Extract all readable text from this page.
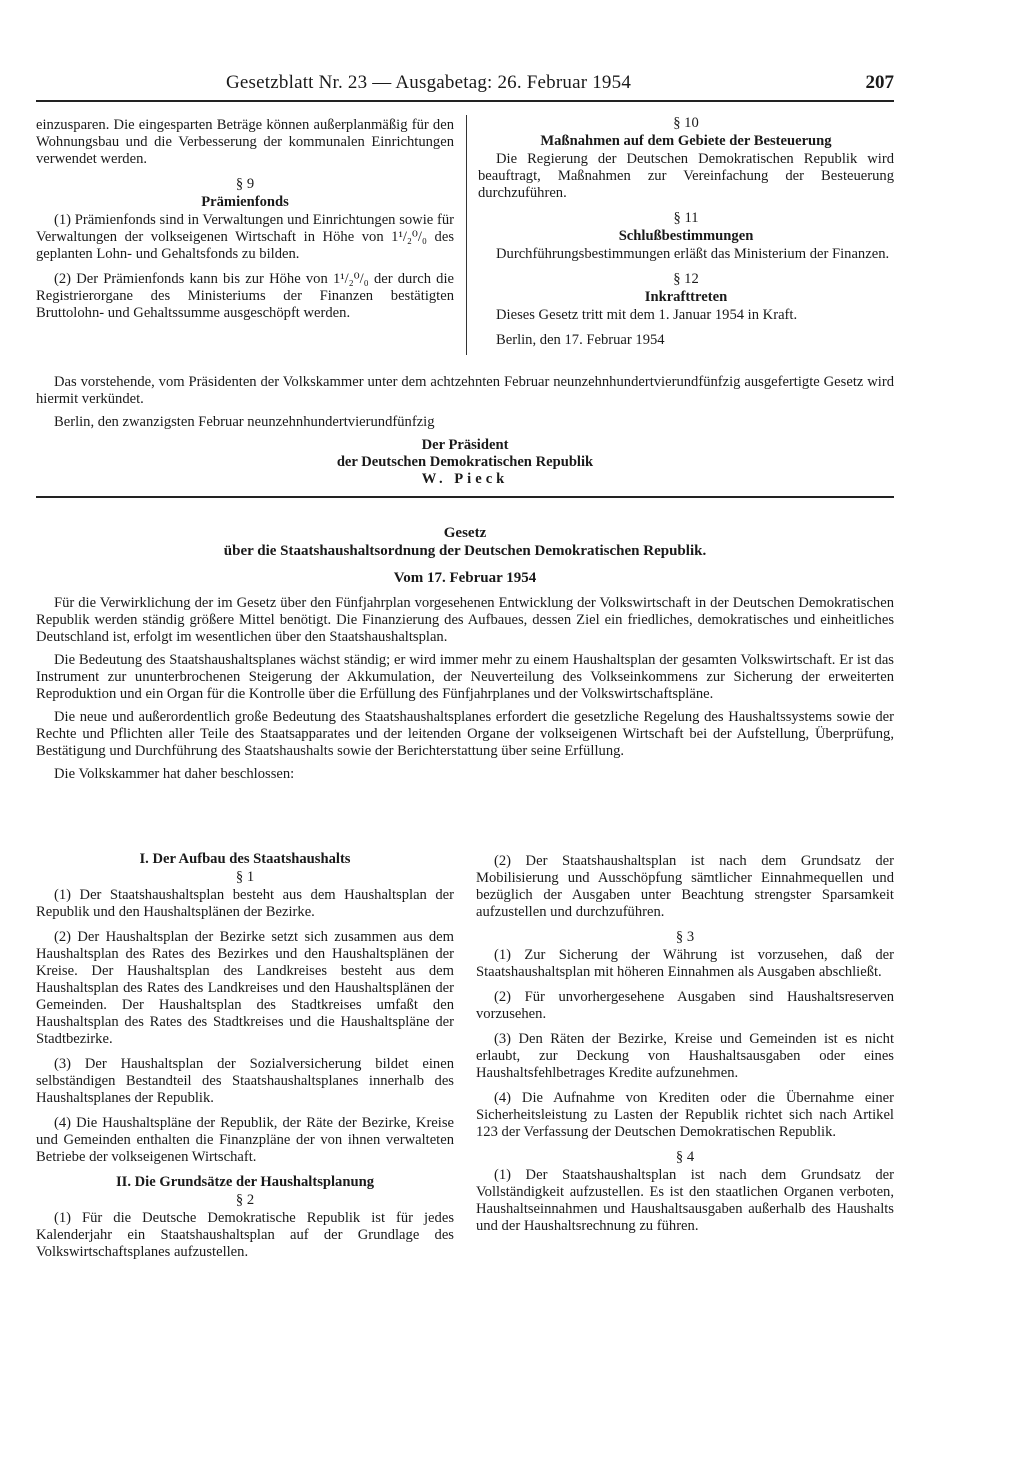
Gesetzblatt Nr. 23 — Ausgabetag: 26. Februar 1954	207

einzusparen. Die eingesparten Beträge können außerplanmäßig für den Wohnungsbau und die Verbesserung der kommunalen Einrichtungen verwendet werden.

§ 9
Prämienfonds

(1) Prämienfonds sind in Verwaltungen und Einrichtungen sowie für Verwaltungen der volkseigenen Wirtschaft in Höhe von 1¹/₂⁰/₀ des geplanten Lohn- und Gehaltsfonds zu bilden.

(2) Der Prämienfonds kann bis zur Höhe von 1¹/₂⁰/₀ der durch die Registrierorgane des Ministeriums der Finanzen bestätigten Bruttolohn- und Gehaltssumme ausgeschöpft werden.

§ 10
Maßnahmen auf dem Gebiete der Besteuerung

Die Regierung der Deutschen Demokratischen Republik wird beauftragt, Maßnahmen zur Vereinfachung der Besteuerung durchzuführen.

§ 11
Schlußbestimmungen

Durchführungsbestimmungen erläßt das Ministerium der Finanzen.

§ 12
Inkrafttreten

Dieses Gesetz tritt mit dem 1. Januar 1954 in Kraft.

Berlin, den 17. Februar 1954

Das vorstehende, vom Präsidenten der Volkskammer unter dem achtzehnten Februar neunzehnhundertvierundfünfzig ausgefertigte Gesetz wird hiermit verkündet.

Berlin, den zwanzigsten Februar neunzehnhundertvierundfünfzig

Der Präsident
der Deutschen Demokratischen Republik
W. Pieck
Gesetz
über die Staatshaushaltsordnung der Deutschen Demokratischen Republik.
Vom 17. Februar 1954

Für die Verwirklichung der im Gesetz über den Fünfjahrplan vorgesehenen Entwicklung der Volkswirtschaft in der Deutschen Demokratischen Republik werden ständig größere Mittel benötigt. Die Finanzierung des Aufbaues, dessen Ziel ein friedliches, demokratisches und einheitliches Deutschland ist, erfolgt im wesentlichen über den Staatshaushaltsplan.

Die Bedeutung des Staatshaushaltsplanes wächst ständig; er wird immer mehr zu einem Haushaltsplan der gesamten Volkswirtschaft. Er ist das Instrument zur ununterbrochenen Steigerung der Akkumulation, der Neuverteilung des Volkseinkommens zur Sicherung der erweiterten Reproduktion und ein Organ für die Kontrolle über die Erfüllung des Fünfjahrplanes und der Volkswirtschaftspläne.

Die neue und außerordentlich große Bedeutung des Staatshaushaltsplanes erfordert die gesetzliche Regelung des Haushaltssystems sowie der Rechte und Pflichten aller Teile des Staatsapparates und der leitenden Organe der volkseigenen Wirtschaft bei der Aufstellung, Überprüfung, Bestätigung und Durchführung des Staatshaushalts sowie der Berichterstattung über seine Erfüllung.

Die Volkskammer hat daher beschlossen:

I. Der Aufbau des Staatshaushalts
§ 1

(1) Der Staatshaushaltsplan besteht aus dem Haushaltsplan der Republik und den Haushaltsplänen der Bezirke.

(2) Der Haushaltsplan der Bezirke setzt sich zusammen aus dem Haushaltsplan des Rates des Bezirkes und den Haushaltsplänen der Kreise. Der Haushaltsplan des Landkreises besteht aus dem Haushaltsplan des Rates des Landkreises und den Haushaltsplänen der Gemeinden. Der Haushaltsplan des Stadtkreises umfaßt den Haushaltsplan des Rates des Stadtkreises und die Haushaltspläne der Stadtbezirke.

(3) Der Haushaltsplan der Sozialversicherung bildet einen selbständigen Bestandteil des Staatshaushaltsplanes innerhalb des Haushaltsplanes der Republik.

(4) Die Haushaltspläne der Republik, der Räte der Bezirke, Kreise und Gemeinden enthalten die Finanzpläne der von ihnen verwalteten Betriebe der volkseigenen Wirtschaft.

II. Die Grundsätze der Haushaltsplanung
§ 2

(1) Für die Deutsche Demokratische Republik ist für jedes Kalenderjahr ein Staatshaushaltsplan auf der Grundlage des Volkswirtschaftsplanes aufzustellen.

(2) Der Staatshaushaltsplan ist nach dem Grundsatz der Mobilisierung und Ausschöpfung sämtlicher Einnahmequellen und bezüglich der Ausgaben unter Beachtung strengster Sparsamkeit aufzustellen und durchzuführen.

§ 3

(1) Zur Sicherung der Währung ist vorzusehen, daß der Staatshaushaltsplan mit höheren Einnahmen als Ausgaben abschließt.

(2) Für unvorhergesehene Ausgaben sind Haushaltsreserven vorzusehen.

(3) Den Räten der Bezirke, Kreise und Gemeinden ist es nicht erlaubt, zur Deckung von Haushaltsausgaben oder eines Haushaltsfehlbetrages Kredite aufzunehmen.

(4) Die Aufnahme von Krediten oder die Übernahme einer Sicherheitsleistung zu Lasten der Republik richtet sich nach Artikel 123 der Verfassung der Deutschen Demokratischen Republik.

§ 4

(1) Der Staatshaushaltsplan ist nach dem Grundsatz der Vollständigkeit aufzustellen. Es ist den staatlichen Organen verboten, Haushaltseinnahmen und Haushaltsausgaben außerhalb des Haushalts und der Haushaltsrechnung zu führen.
